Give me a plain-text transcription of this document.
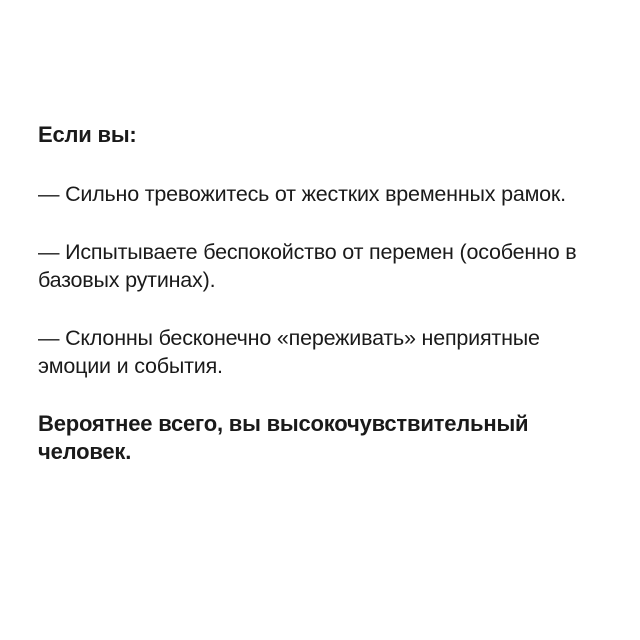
Если вы:

— Сильно тревожитесь от жестких временных рамок.

— Испытываете беспокойство от перемен (особенно в базовых рутинах).

— Склонны бесконечно «переживать» неприятные эмоции и события.

Вероятнее всего, вы высокочувствительный человек.
